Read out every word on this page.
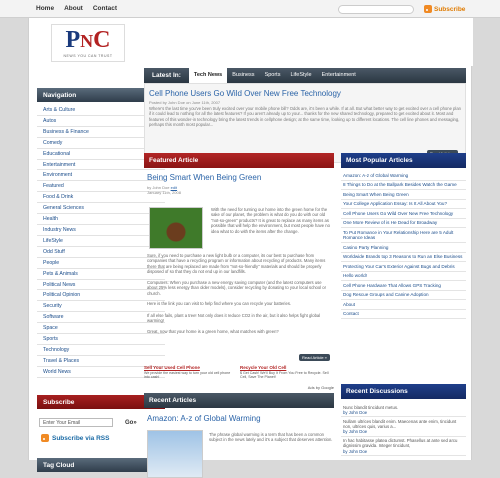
Home About Contact	Subscribe
PNC
NEWS YOU CAN TRUST
Navigation
Arts & Culture
Autos
Business & Finance
Comedy
Educational
Entertainment
Environment
Featured
Food & Drink
General Sciences
Health
Industry News
LifeStyle
Odd Stuff
People
Pets & Animals
Political News
Political Opinion
Security
Software
Space
Sports
Technology
Travel & Places
World News
Subscribe
Enter Your Email
Go»
Subscribe via RSS
Tag Cloud
Latest In:	Tech News	Business	Sports	LifeStyle	Entertainment
Cell Phone Users Go Wild Over New Free Technology
Posted by John Doe on June 11th, 2007
Where's the last time you've been truly excited over your mobile phone bill? Odds are, it's been a while. If at all. But what better way to get excited over a cell phone plan if it could lead to nothing for all the latest features? If you aren't already up to your... thanks for the new shared technology, prepared to get excited about it. Most and features of this wonder-in technology bring the latest trends in cellphone design; at the same time, looking up to different locations. The cell line phones and messaging, perhaps this month most popular...
Featured Article
Being Smart When Being Green
by John Doe edit
January 11th, 2008
With the need for turning our home into the green home for the sake of our planet, the problem is what do you do with our old "not-so-green" products? It is great to replace as many items as possible that will help the environment, but most people have no idea what to do with the items after the change.
Sure, if you need to purchase a new light bulb or a computer, its our best to purchase from companies that have a recycling program or information about recycling of products. Many items there that are being replaced are made from "not-so-friendly" materials and should be properly disposed of so that they do not end up in our landfills.
Computers: When you purchase a new energy saving computer (and the latest computers use about 25% less energy than older models), consider recycling by donating to your local school or church.
Here is the link you can visit to help find where you can recycle your batteries.
If all else fails, plant a tree! Not only does it reduce CO2 in the air, but it also helps fight global warming!
Great, now that your home is a green home, what matches with green?
Read Article »
Sell Your Used Cell Phone
We provide the easiest way to turn your old cell phone into cash!
Recycle Your Old Cell
$ Get Cash! We'll Buy It From You Free to Recycle. Sell Cell, Save The Planet!
Ads by Google
Recent Articles
Amazon: A-z of Global Warming
The phrase global warming is a term that has been a common subject in the news lately and it's a subject that deserves attention.
Most Popular Articles
Amazon: A-z of Global Warming
8 Things to Do at the Ballpark Besides Watch the Game
Being Smart When Being Green
Your College Application Essay: Is It All About You?
Cell Phone Users Go Wild Over New Free Technology
One More Review of is He Dead for Broadway
To Put Romance in Your Relationship Here are 5 Adult Romance Ideas
Casino Party Planning
Worldwide Brands top 3 Reasons to Run an Else Business
Protecting Your Car's Exterior Against Bugs and Debris
Hello world!
Cell Phone Hardware That Allows GPS Tracking
Dog Rescue Groups and Canine Adoption
About
Contact
Recent Discussions
Nunc blandit tincidunt metus.
by John Doe
Nullam ultrices blandit enim. Maecenas ante enim, tincidunt non, ultrices quis, varius a...
by John Doe
In hac habitasse platea dictumst. Phasellus at ante sed arcu dignissim gravida. Integer tincidunt,
by John Doe
